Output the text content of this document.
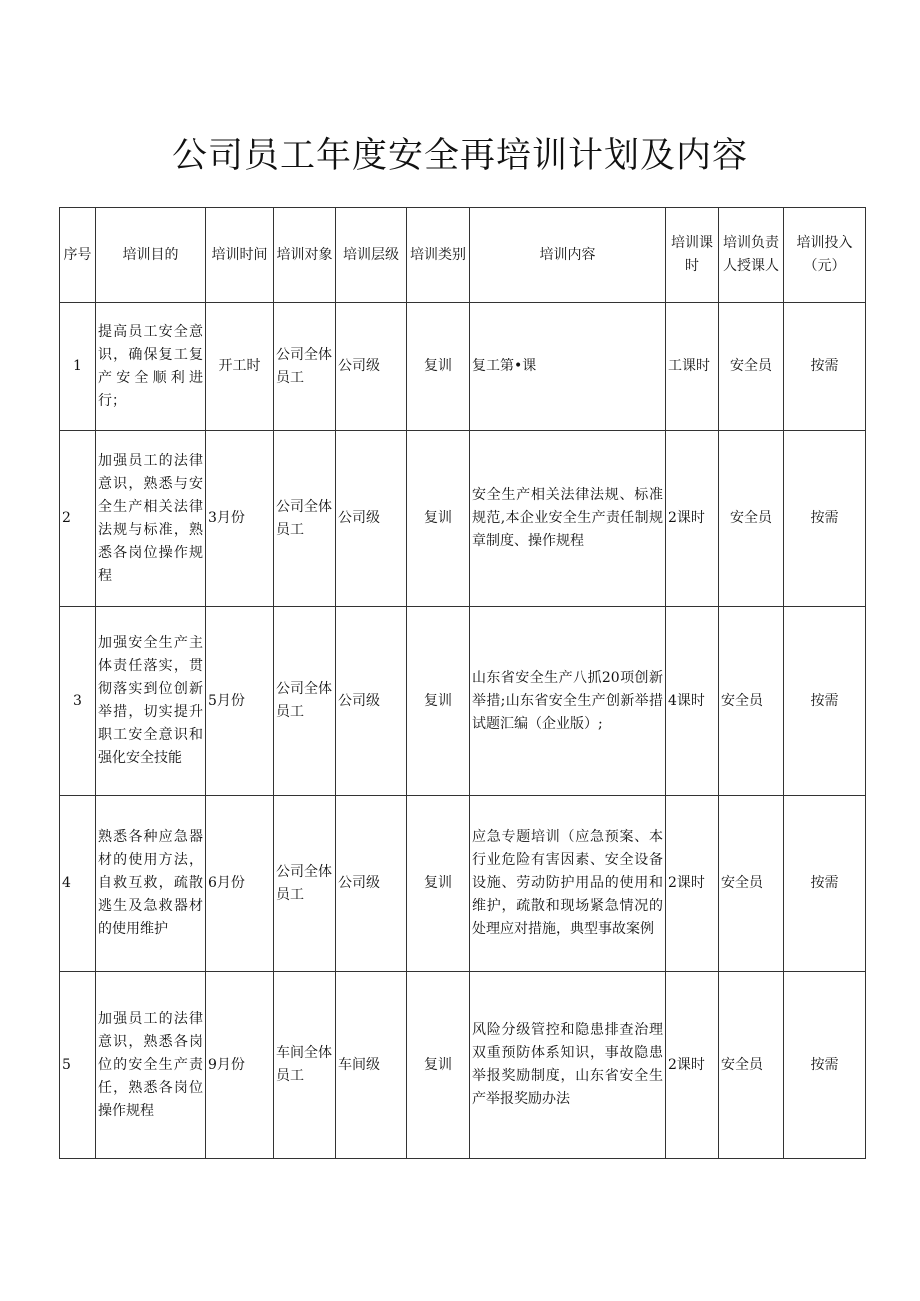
公司员工年度安全再培训计划及内容
序号	培训目的	培训时间	培训对象	培训层级	培训类别	培训内容	培训课时	培训负责人授课人	培训投入（元）
1	提高员工安全意识，确保复工复产安全顺利进行；	开工时	公司全体员工	公司级	复训	复工第•课	工课时	安全员	按需
2	加强员工的法律意识，熟悉与安全生产相关法律法规与标准，熟悉各岗位操作规程	3月份	公司全体员工	公司级	复训	安全生产相关法律法规、标准规范,本企业安全生产责任制规章制度、操作规程	2课时	安全员	按需
3	加强安全生产主体责任落实，贯彻落实到位创新举措，切实提升职工安全意识和强化安全技能	5月份	公司全体员工	公司级	复训	山东省安全生产八抓20项创新举措;山东省安全生产创新举措试题汇编（企业版）;	4课时	安全员	按需
4	熟悉各种应急器材的使用方法，自救互救，疏散逃生及急救器材的使用维护	6月份	公司全体员工	公司级	复训	应急专题培训（应急预案、本行业危险有害因素、安全设备设施、劳动防护用品的使用和维护，疏散和现场紧急情况的处理应对措施，典型事故案例	2课时	安全员	按需
5	加强员工的法律意识，熟悉各岗位的安全生产责任，熟悉各岗位操作规程	9月份	车间全体员工	车间级	复训	风险分级管控和隐患排查治理双重预防体系知识，事故隐患举报奖励制度，山东省安全生产举报奖励办法	2课时	安全员	按需
